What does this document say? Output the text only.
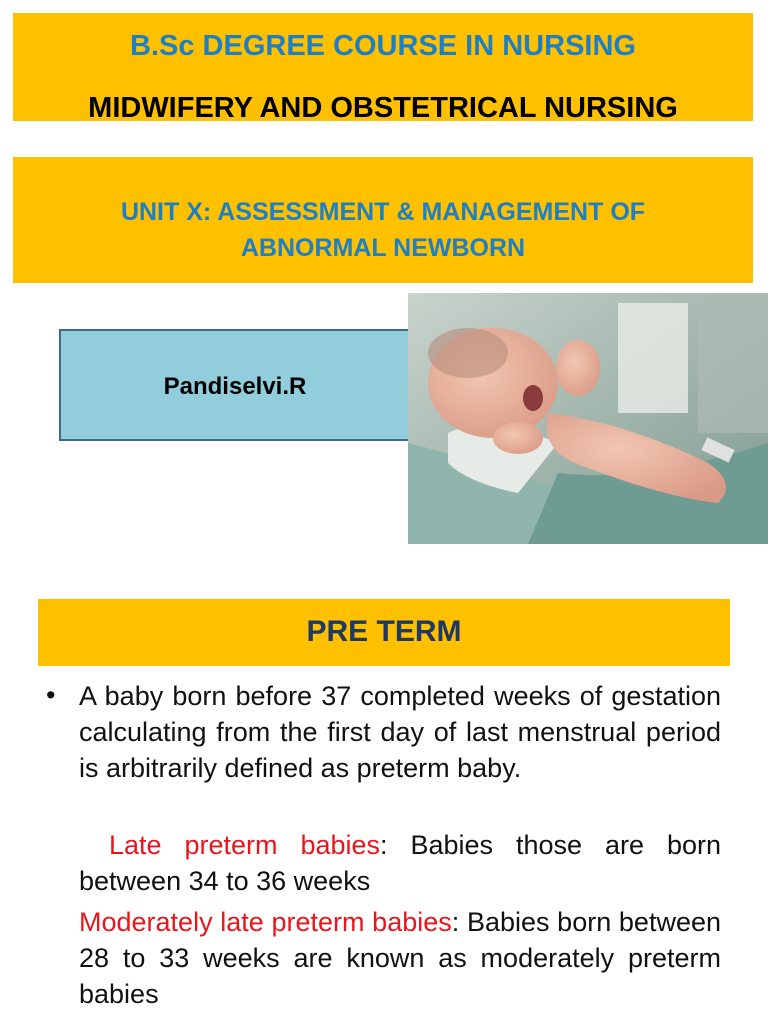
B.Sc DEGREE COURSE IN NURSING
MIDWIFERY AND OBSTETRICAL NURSING
UNIT X: ASSESSMENT & MANAGEMENT OF
ABNORMAL NEWBORN
Pandiselvi.R
PRE TERM
• A baby born before 37 completed weeks of gestation calculating from the first day of last menstrual period is arbitrarily defined as preterm baby.
Late preterm babies: Babies those are born between 34 to 36 weeks
Moderately late preterm babies: Babies born between 28 to 33 weeks are known as moderately preterm babies
